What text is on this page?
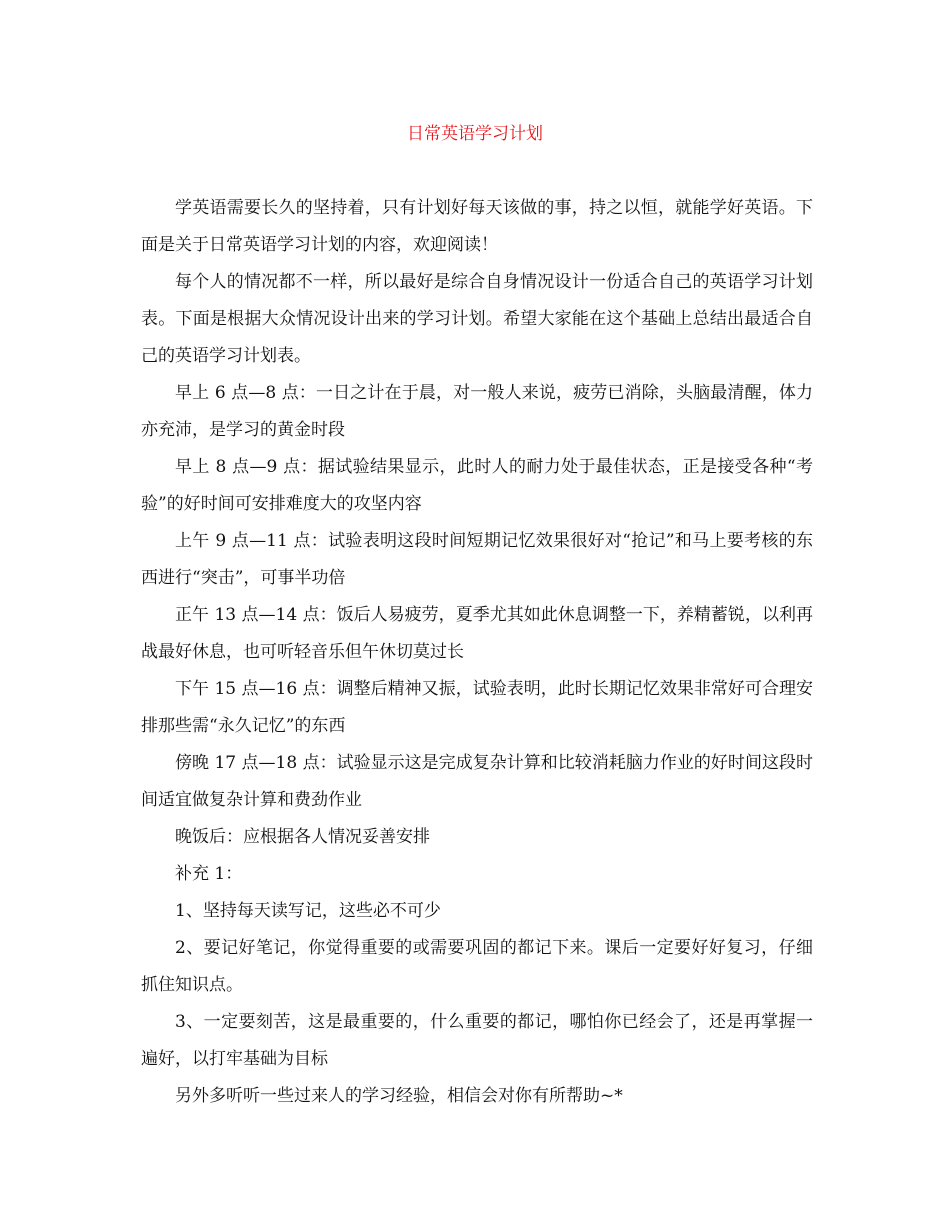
日常英语学习计划

学英语需要长久的坚持着，只有计划好每天该做的事，持之以恒，就能学好英语。下面是关于日常英语学习计划的内容，欢迎阅读！

每个人的情况都不一样，所以最好是综合自身情况设计一份适合自己的英语学习计划表。下面是根据大众情况设计出来的学习计划。希望大家能在这个基础上总结出最适合自己的英语学习计划表。

早上 6 点—8 点：一日之计在于晨，对一般人来说，疲劳已消除，头脑最清醒，体力亦充沛，是学习的黄金时段

早上 8 点—9 点：据试验结果显示，此时人的耐力处于最佳状态，正是接受各种“考验”的好时间可安排难度大的攻坚内容

上午 9 点—11 点：试验表明这段时间短期记忆效果很好对“抢记”和马上要考核的东西进行“突击”，可事半功倍

正午 13 点—14 点：饭后人易疲劳，夏季尤其如此休息调整一下，养精蓄锐，以利再战最好休息，也可听轻音乐但午休切莫过长

下午 15 点—16 点：调整后精神又振，试验表明，此时长期记忆效果非常好可合理安排那些需“永久记忆”的东西

傍晚 17 点—18 点：试验显示这是完成复杂计算和比较消耗脑力作业的好时间这段时间适宜做复杂计算和费劲作业

晚饭后：应根据各人情况妥善安排

补充 1：

1、坚持每天读写记，这些必不可少

2、要记好笔记，你觉得重要的或需要巩固的都记下来。课后一定要好好复习，仔细抓住知识点。

3、一定要刻苦，这是最重要的，什么重要的都记，哪怕你已经会了，还是再掌握一遍好，以打牢基础为目标

另外多听听一些过来人的学习经验，相信会对你有所帮助~*
